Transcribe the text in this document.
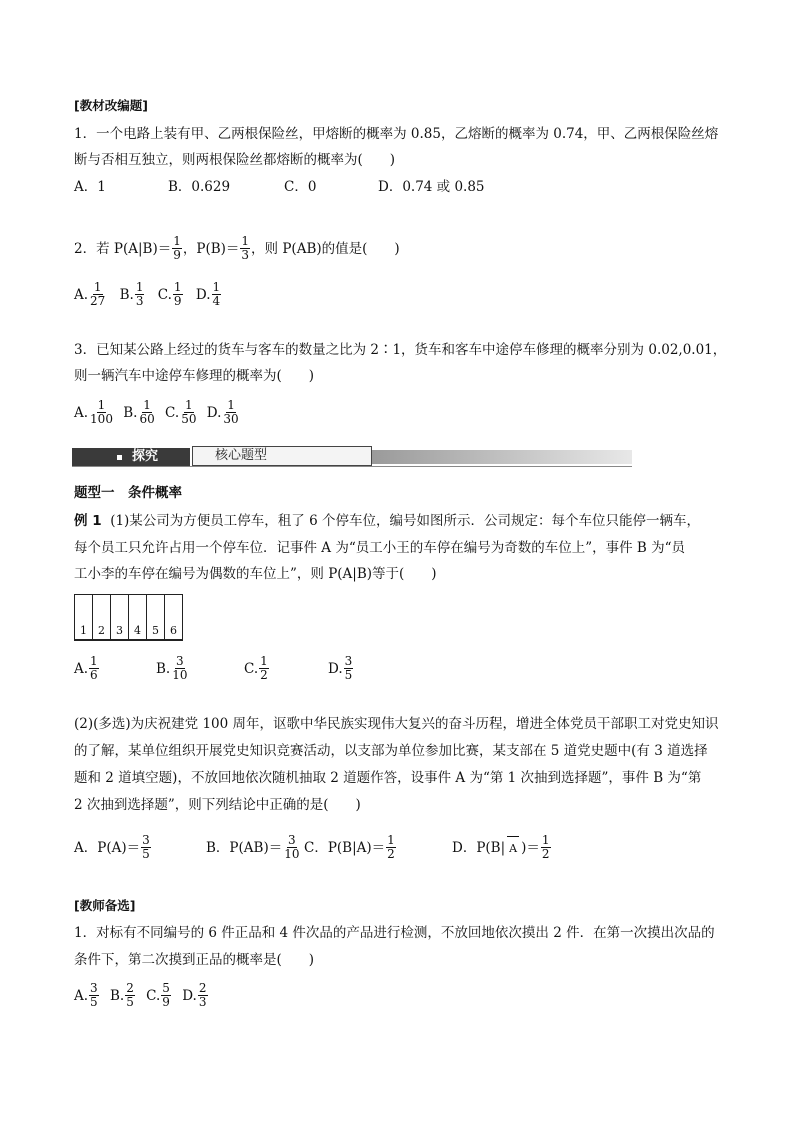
[教材改编题]
1．一个电路上装有甲、乙两根保险丝，甲熔断的概率为 0.85，乙熔断的概率为 0.74，甲、乙两根保险丝熔
断与否相互独立，则两根保险丝都熔断的概率为(　　)
A．1	B．0.629	C．0	D．0.74 或 0.85
2．若 $P(A|B)= \frac{1}{9}$ ，$P(B)= \frac{1}{3}$ ，则 P(AB)的值是(　　)
A. $\frac{1}{27} B$. $\frac{1}{3} C$. $\frac{1}{9} D$. $\frac{1}{4}$
3．已知某公路上经过的货车与客车的数量之比为 2∶1，货车和客车中途停车修理的概率分别为 0.02,0.01，
则一辆汽车中途停车修理的概率为(　　)
A. $\frac{1}{100} B$. $\frac{1}{60} C$. $\frac{1}{50} D$. $\frac{1}{30}$
探究	核心题型
题型一　条件概率
例 1 (1)某公司为方便员工停车，租了 6 个停车位，编号如图所示．公司规定：每个车位只能停一辆车，
每个员工只允许占用一个停车位．记事件 A 为“员工小王的车停在编号为奇数的车位上”，事件 B 为“员
工小李的车停在编号为偶数的车位上”，则 P(A|B)等于(　　)
1	2	3	4	5	6
A. $\frac{1}{6}$	B. $\frac{3}{10}$	C. $\frac{1}{2}$	D. $\frac{3}{5}$
(2)(多选)为庆祝建党 100 周年，讴歌中华民族实现伟大复兴的奋斗历程，增进全体党员干部职工对党史知识
的了解，某单位组织开展党史知识竞赛活动，以支部为单位参加比赛，某支部在 5 道党史题中(有 3 道选择
题和 2 道填空题)，不放回地依次随机抽取 2 道题作答，设事件 A 为“第 1 次抽到选择题”，事件 B 为“第
2 次抽到选择题”，则下列结论中正确的是(　　)
A．$P(A)= \frac{3}{5}$	B．$P(AB)= \frac{3}{10}$ C．$P(B|A)= \frac{1}{2}$	D．P(B| A )＝ $\frac{1}{2}$
[教师备选]
1．对标有不同编号的 6 件正品和 4 件次品的产品进行检测，不放回地依次摸出 2 件．在第一次摸出次品的
条件下，第二次摸到正品的概率是(　　)
A. $\frac{3}{5} B$. $\frac{2}{5} C$. $\frac{5}{9} D$. $\frac{2}{3}$
